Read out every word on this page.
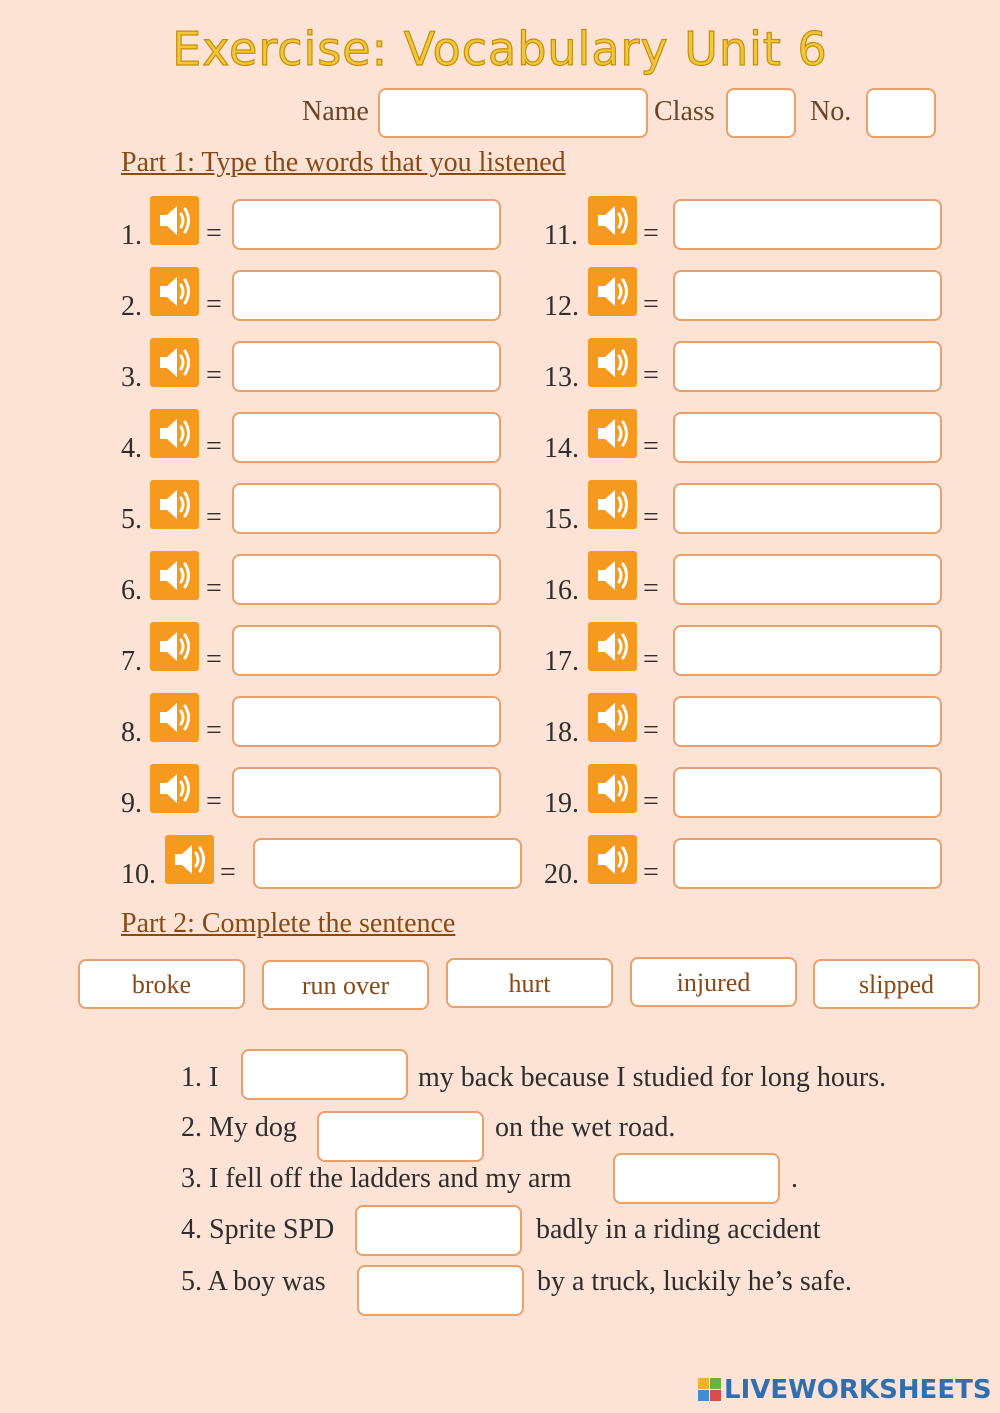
Exercise: Vocabulary Unit 6
Name	Class	No.
Part 1: Type the words that you listened
1. =
2. =
3. =
4. =
5. =
6. =
7. =
8. =
9. =
10. =
11. =
12. =
13. =
14. =
15. =
16. =
17. =
18. =
19. =
20. =
Part 2: Complete the sentence
broke	run over	hurt	injured	slipped
1. I	my back because I studied for long hours.
2. My dog	on the wet road.
3. I fell off the ladders and my arm	.
4. Sprite SPD	badly in a riding accident
5. A boy was	by a truck, luckily he’s safe.
LIVEWORKSHEETS
